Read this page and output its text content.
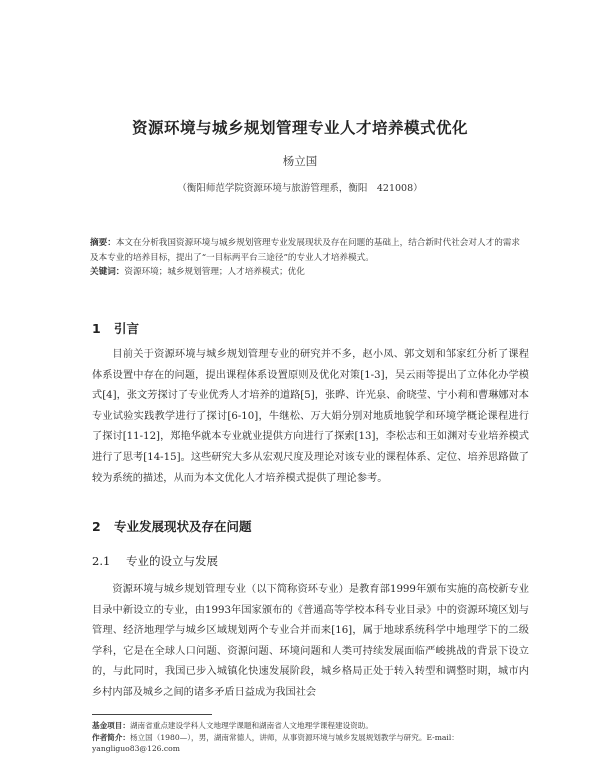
资源环境与城乡规划管理专业人才培养模式优化
杨立国
（衡阳师范学院资源环境与旅游管理系，衡阳　421008）
摘要：本文在分析我国资源环境与城乡规划管理专业发展现状及存在问题的基础上，结合新时代社会对人才的需求及本专业的培养目标，提出了“一目标两平台三途径”的专业人才培养模式。
关键词：资源环境；城乡规划管理；人才培养模式；优化
1 引言
目前关于资源环境与城乡规划管理专业的研究并不多，赵小凤、郭文划和邹家红分析了课程体系设置中存在的问题，提出课程体系设置原则及优化对策[1-3]，吴云雨等提出了立体化办学模式[4]，张文芳探讨了专业优秀人才培养的道路[5]，张晔、许光泉、俞晓莹、宁小莉和曹琳娜对本专业试验实践教学进行了探讨[6-10]，牛继松、万大娟分别对地质地貌学和环境学概论课程进行了探讨[11-12]，郑艳华就本专业就业提供方向进行了探索[13]，李松志和王如渊对专业培养模式进行了思考[14-15]。这些研究大多从宏观尺度及理论对该专业的课程体系、定位、培养思路做了较为系统的描述，从而为本文优化人才培养模式提供了理论参考。
2 专业发展现状及存在问题
2.1 专业的设立与发展
资源环境与城乡规划管理专业（以下简称资环专业）是教育部1999年颁布实施的高校新专业目录中新设立的专业，由1993年国家颁布的《普通高等学校本科专业目录》中的资源环境区划与管理、经济地理学与城乡区域规划两个专业合并而来[16]，属于地球系统科学中地理学下的二级学科，它是在全球人口问题、资源问题、环境问题和人类可持续发展面临严峻挑战的背景下设立的，与此同时，我国已步入城镇化快速发展阶段，城乡格局正处于转入转型和调整时期，城市内乡村内部及城乡之间的诸多矛盾日益成为我国社会
基金项目：湖南省重点建设学科人文地理学课题和湖南省人文地理学课程建设资助。
作者简介：杨立国（1980—），男，湖南常德人，讲师，从事资源环境与城乡发展规划教学与研究。E-mail：
yangliguo83@126.com
